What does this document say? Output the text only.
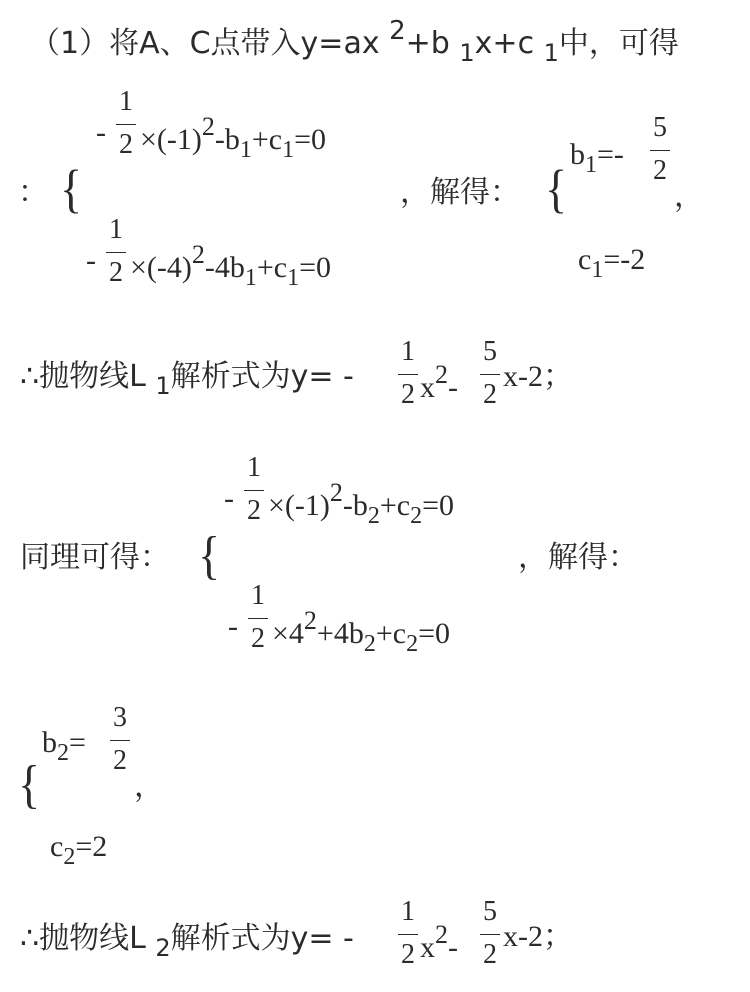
（1）将A、C点带入y=ax $^2$+b $_1$x+c $_1$中，可得
： {
-
1
$2 \times(-1)^2-b_1+c_1=0$
-
1
$2 \times(-4)^2-4b_1+c_1=0$
，解得： {
$b_1=-$
5
2
，
$c_1=-2$
∴抛物线L $_1$解析式为y= -
1
2 $x^2-$
5
2
x-2；
同理可得： {
-
1
$2 \times(-1)^2-b_2+c_2=0$
-
1
$2 \times 4^2+4b_2+c_2=0$
，解得：
{
$b_2=$
3
2
，
$c_2=2$
∴抛物线L $_2$解析式为y= -
1
2 $x^2-$
5
2
x-2；
